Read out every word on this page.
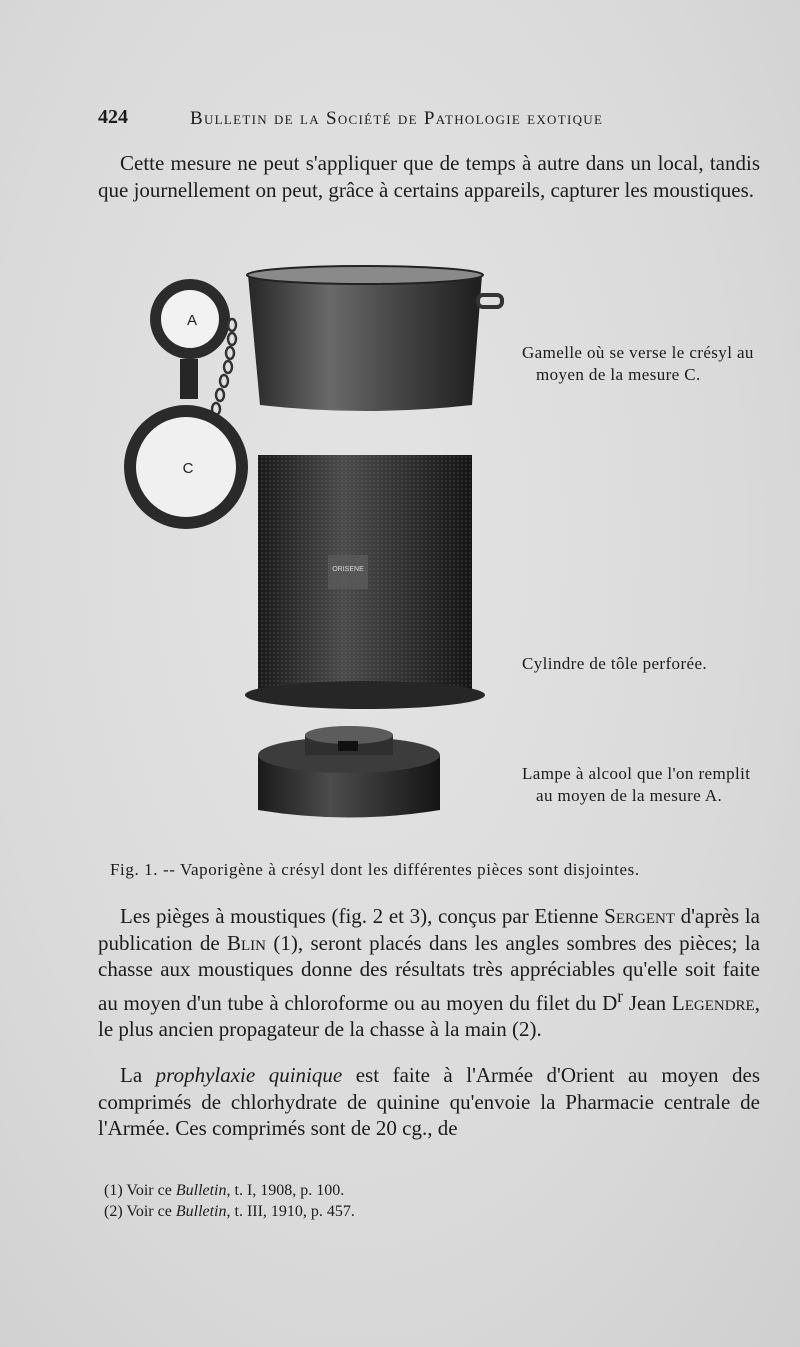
424	Bulletin de la Société de Pathologie exotique

Cette mesure ne peut s'appliquer que de temps à autre dans un local, tandis que journellement on peut, grâce à certains appareils, capturer les moustiques.

A
C
ORISENE
Gamelle où se verse le crésyl au moyen de la mesure C.
Cylindre de tôle perforée.
Lampe à alcool que l'on remplit au moyen de la mesure A.
Fig. 1. -- Vaporigène à crésyl dont les différentes pièces sont disjointes.

Les pièges à moustiques (fig. 2 et 3), conçus par Etienne Sergent d'après la publication de Blin (1), seront placés dans les angles sombres des pièces; la chasse aux moustiques donne des résultats très appréciables qu'elle soit faite au moyen d'un tube à chloroforme ou au moyen du filet du $D^r$ Jean Legendre, le plus ancien propagateur de la chasse à la main (2).

La prophylaxie quinique est faite à l'Armée d'Orient au moyen des comprimés de chlorhydrate de quinine qu'envoie la Pharmacie centrale de l'Armée. Ces comprimés sont de 20 cg., de

(1) Voir ce Bulletin, t. I, 1908, p. 100.
(2) Voir ce Bulletin, t. III, 1910, p. 457.
